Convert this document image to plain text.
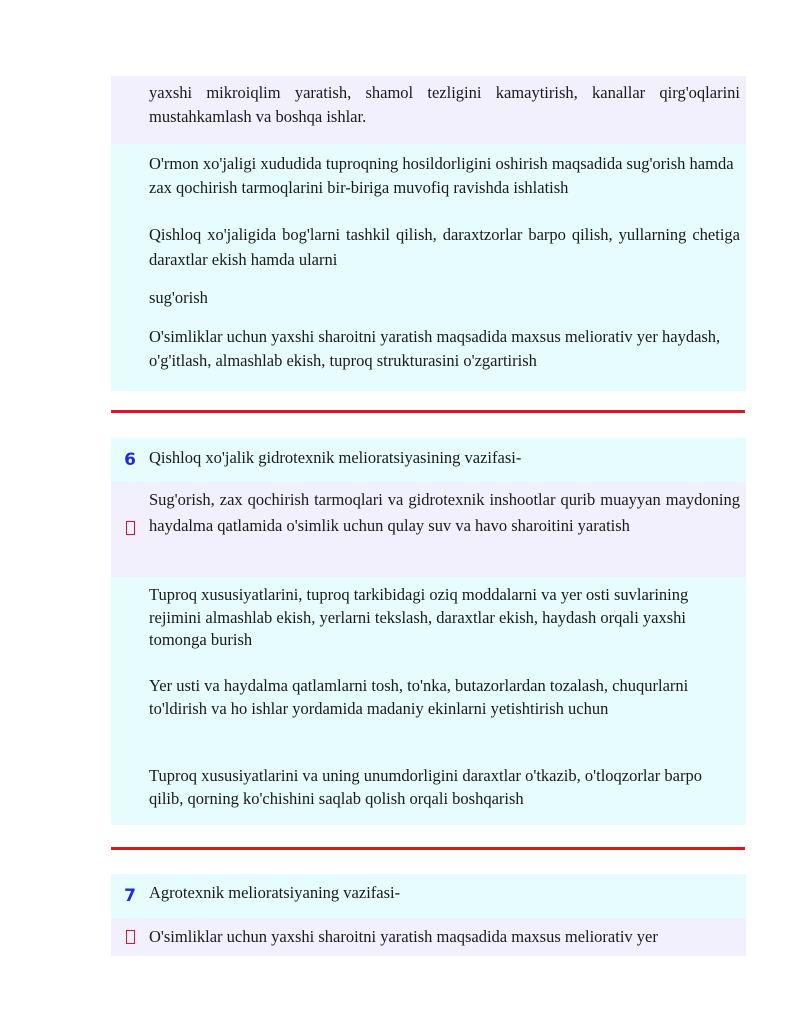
yaxshi mikroiqlim yaratish, shamol tezligini kamaytirish, kanallar qirg'oqlarini mustahkamlash va boshqa ishlar.

O'rmon xo'jaligi xududida tuproqning hosildorligini oshirish maqsadida sug'orish hamda zax qochirish tarmoqlarini bir-biriga muvofiq ravishda ishlatish

Qishloq xo'jaligida bog'larni tashkil qilish, daraxtzorlar barpo qilish, yullarning chetiga daraxtlar ekish hamda ularni

sug'orish

O'simliklar uchun yaxshi sharoitni yaratish maqsadida maxsus meliorativ yer haydash, o'g'itlash, almashlab ekish, tuproq strukturasini o'zgartirish

6 Qishloq xo'jalik gidrotexnik melioratsiyasining vazifasi-

Sug'orish, zax qochirish tarmoqlari va gidrotexnik inshootlar qurib muayyan maydoning haydalma qatlamida o'simlik uchun qulay suv va havo sharoitini yaratish

Tuproq xususiyatlarini, tuproq tarkibidagi oziq moddalarni va yer osti suvlarining rejimini almashlab ekish, yerlarni tekslash, daraxtlar ekish, haydash orqali yaxshi tomonga burish

Yer usti va haydalma qatlamlarni tosh, to'nka, butazorlardan tozalash, chuqurlarni to'ldirish va ho ishlar yordamida madaniy ekinlarni yetishtirish uchun

Tuproq xususiyatlarini va uning unumdorligini daraxtlar o'tkazib, o'tloqzorlar barpo qilib, qorning ko'chishini saqlab qolish orqali boshqarish

7 Agrotexnik melioratsiyaning vazifasi-

O'simliklar uchun yaxshi sharoitni yaratish maqsadida maxsus meliorativ yer
